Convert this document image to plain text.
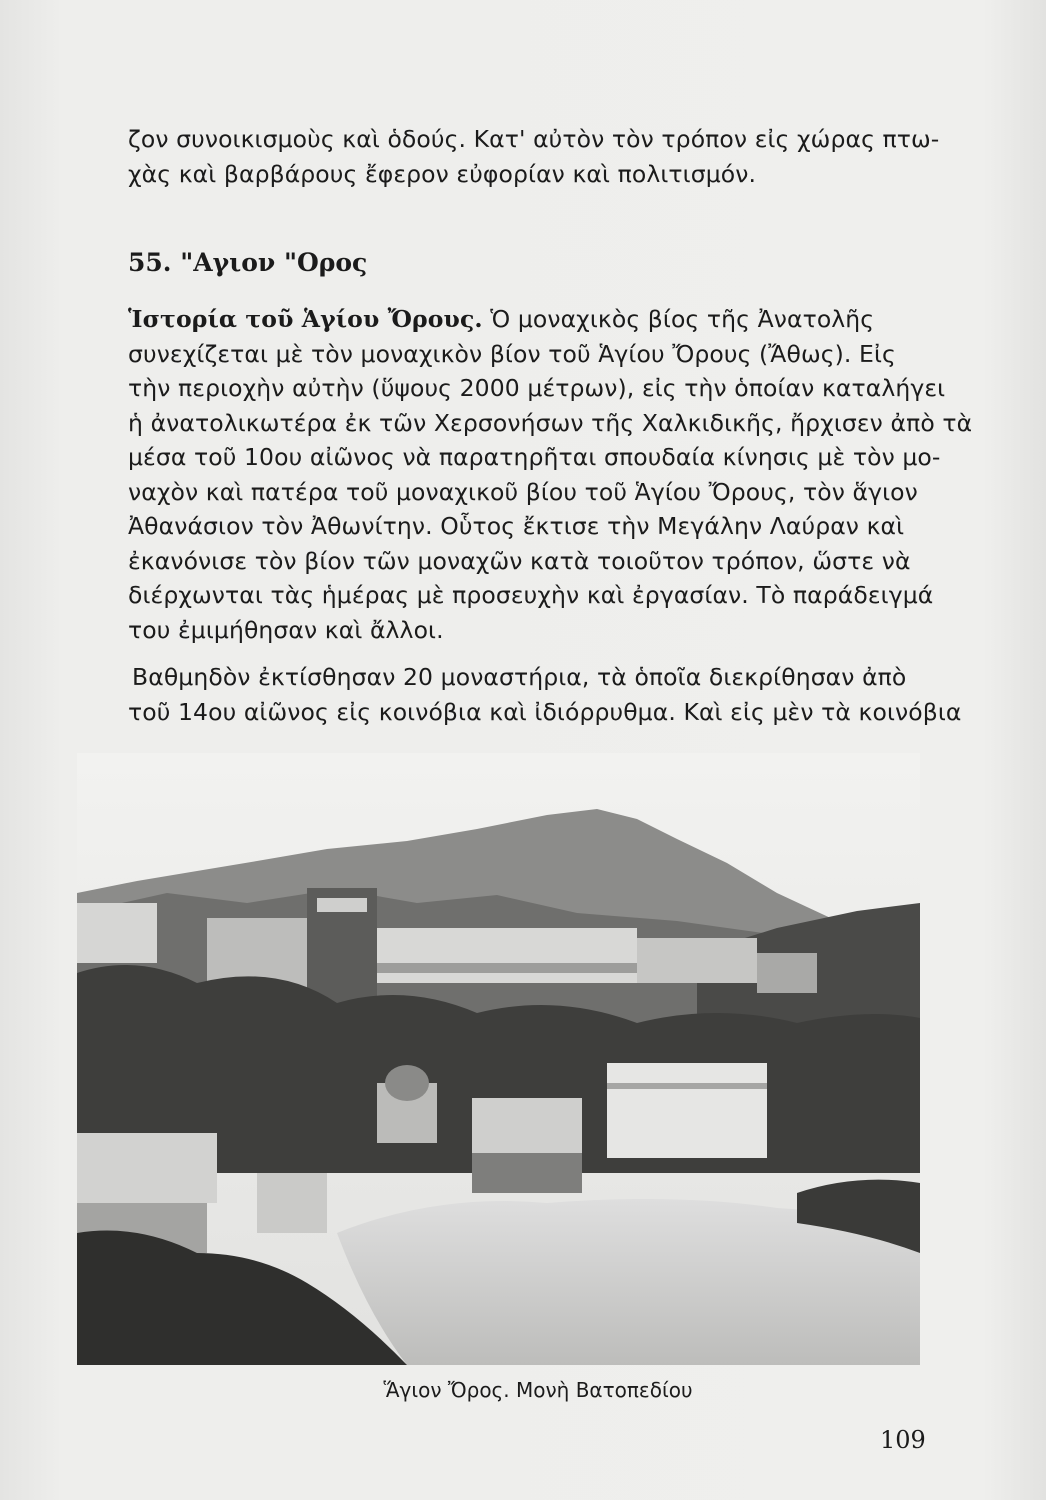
ζον συνοικισμοὺς καὶ ὁδούς. Κατ' αὐτὸν τὸν τρόπον εἰς χώρας πτω-
χὰς καὶ βαρβάρους ἔφερον εὐφορίαν καὶ πολιτισμόν.
55. "Αγιον "Ορος
Ἱστορία τοῦ Ἁγίου Ὄρους. Ὁ μοναχικὸς βίος τῆς Ἀνατολῆς
συνεχίζεται μὲ τὸν μοναχικὸν βίον τοῦ Ἁγίου Ὄρους (Ἄθως). Εἰς
τὴν περιοχὴν αὐτὴν (ὕψους 2000 μέτρων), εἰς τὴν ὁποίαν καταλήγει
ἡ ἀνατολικωτέρα ἐκ τῶν Χερσονήσων τῆς Χαλκιδικῆς, ἤρχισεν ἀπὸ τὰ
μέσα τοῦ 10ου αἰῶνος νὰ παρατηρῆται σπουδαία κίνησις μὲ τὸν μο-
ναχὸν καὶ πατέρα τοῦ μοναχικοῦ βίου τοῦ Ἁγίου Ὄρους, τὸν ἅγιον
Ἀθανάσιον τὸν Ἀθωνίτην. Οὗτος ἔκτισε τὴν Μεγάλην Λαύραν καὶ
ἐκανόνισε τὸν βίον τῶν μοναχῶν κατὰ τοιοῦτον τρόπον, ὥστε νὰ
διέρχωνται τὰς ἡμέρας μὲ προσευχὴν καὶ ἐργασίαν. Τὸ παράδειγμά
του ἐμιμήθησαν καὶ ἄλλοι.
Βαθμηδὸν ἐκτίσθησαν 20 μοναστήρια, τὰ ὁποῖα διεκρίθησαν ἀπὸ
τοῦ 14ου αἰῶνος εἰς κοινόβια καὶ ἰδιόρρυθμα. Καὶ εἰς μὲν τὰ κοινόβια
Ἅγιον Ὄρος. Μονὴ Βατοπεδίου
109
